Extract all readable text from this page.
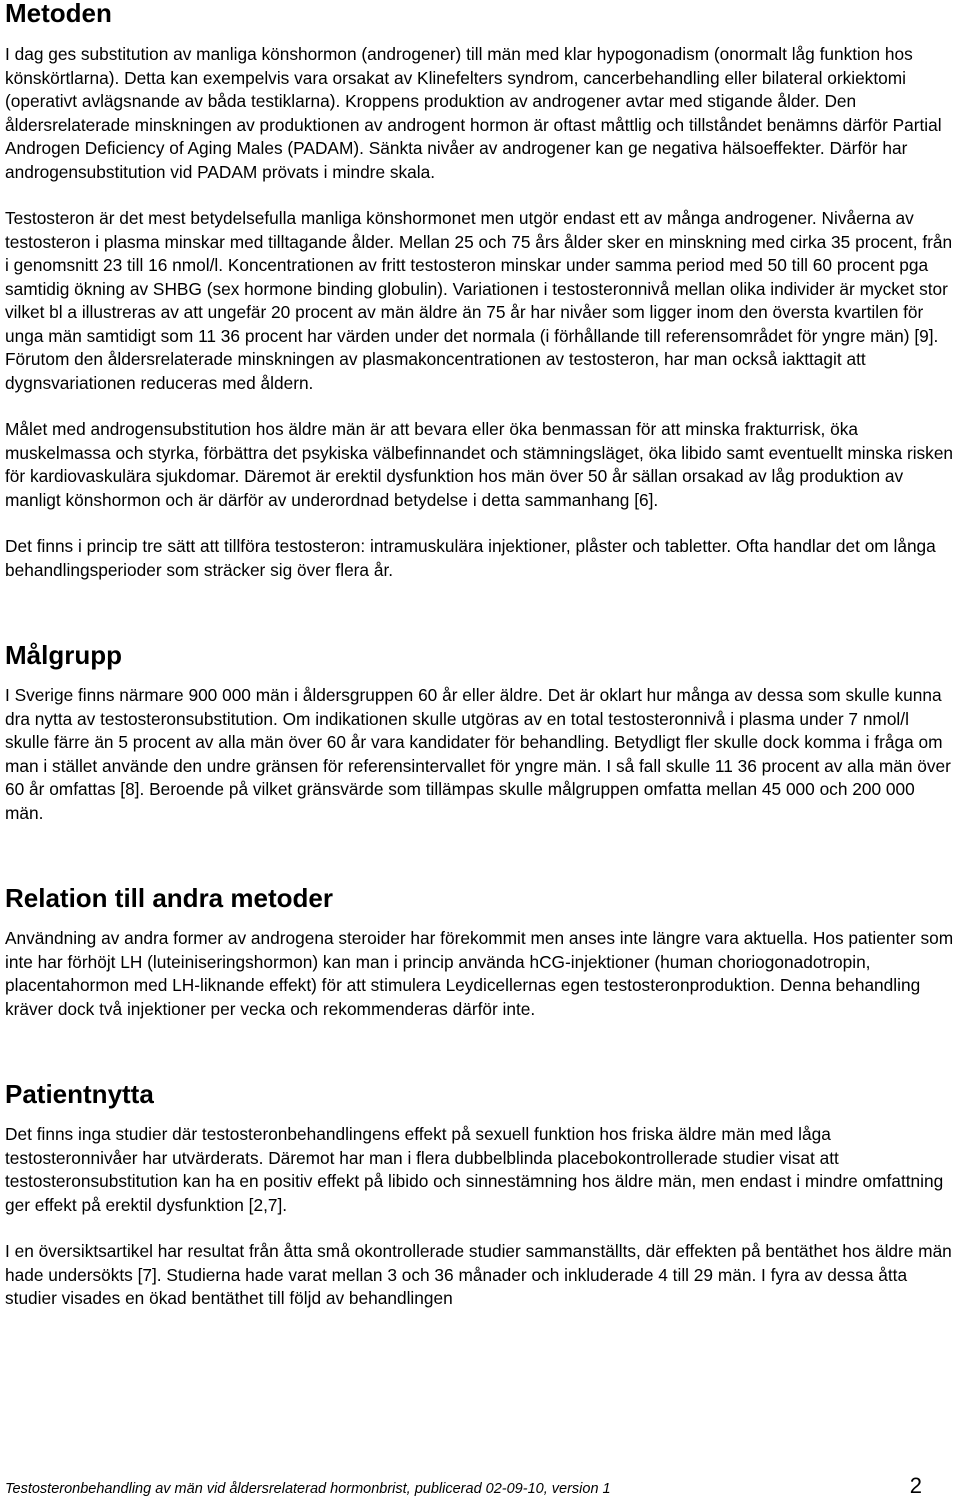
Metoden

I dag ges substitution av manliga könshormon (androgener) till män med klar hypogonadism (onormalt låg funktion hos könskörtlarna). Detta kan exempelvis vara orsakat av Klinefelters syndrom, cancerbehandling eller bilateral orkiektomi (operativt avlägsnande av båda testiklarna). Kroppens produktion av androgener avtar med stigande ålder. Den åldersrelaterade minskningen av produktionen av androgent hormon är oftast måttlig och tillståndet benämns därför Partial Androgen Deficiency of Aging Males (PADAM). Sänkta nivåer av androgener kan ge negativa hälsoeffekter. Därför har androgensubstitution vid PADAM prövats i mindre skala.

Testosteron är det mest betydelsefulla manliga könshormonet men utgör endast ett av många androgener. Nivåerna av testosteron i plasma minskar med tilltagande ålder. Mellan 25 och 75 års ålder sker en minskning med cirka 35 procent, från i genomsnitt 23 till 16 nmol/l. Koncentrationen av fritt testosteron minskar under samma period med 50 till 60 procent pga samtidig ökning av SHBG (sex hormone binding globulin). Variationen i testosteronnivå mellan olika individer är mycket stor vilket bl a illustreras av att ungefär 20 procent av män äldre än 75 år har nivåer som ligger inom den översta kvartilen för unga män samtidigt som 11 36 procent har värden under det normala (i förhållande till referensområdet för yngre män) [9]. Förutom den åldersrelaterade minskningen av plasmakoncentrationen av testosteron, har man också iakttagit att dygnsvariationen reduceras med åldern.

Målet med androgensubstitution hos äldre män är att bevara eller öka benmassan för att minska frakturrisk, öka muskelmassa och styrka, förbättra det psykiska välbefinnandet och stämningsläget, öka libido samt eventuellt minska risken för kardiovaskulära sjukdomar. Däremot är erektil dysfunktion hos män över 50 år sällan orsakad av låg produktion av manligt könshormon och är därför av underordnad betydelse i detta sammanhang [6].

Det finns i princip tre sätt att tillföra testosteron: intramuskulära injektioner, plåster och tabletter. Ofta handlar det om långa behandlingsperioder som sträcker sig över flera år.

Målgrupp

I Sverige finns närmare 900 000 män i åldersgruppen 60 år eller äldre. Det är oklart hur många av dessa som skulle kunna dra nytta av testosteronsubstitution. Om indikationen skulle utgöras av en total testosteronnivå i plasma under 7 nmol/l skulle färre än 5 procent av alla män över 60 år vara kandidater för behandling. Betydligt fler skulle dock komma i fråga om man i stället använde den undre gränsen för referensintervallet för yngre män. I så fall skulle 11 36 procent av alla män över 60 år omfattas [8]. Beroende på vilket gränsvärde som tillämpas skulle målgruppen omfatta mellan 45 000 och 200 000 män.

Relation till andra metoder

Användning av andra former av androgena steroider har förekommit men anses inte längre vara aktuella. Hos patienter som inte har förhöjt LH (luteiniseringshormon) kan man i princip använda hCG-injektioner (human choriogonadotropin, placentahormon med LH-liknande effekt) för att stimulera Leydicellernas egen testosteronproduktion. Denna behandling kräver dock två injektioner per vecka och rekommenderas därför inte.

Patientnytta

Det finns inga studier där testosteronbehandlingens effekt på sexuell funktion hos friska äldre män med låga testosteronnivåer har utvärderats. Däremot har man i flera dubbelblinda placebokontrollerade studier visat att testosteronsubstitution kan ha en positiv effekt på libido och sinnestämning hos äldre män, men endast i mindre omfattning ger effekt på erektil dysfunktion [2,7].

I en översiktsartikel har resultat från åtta små okontrollerade studier sammanställts, där effekten på bentäthet hos äldre män hade undersökts [7]. Studierna hade varat mellan 3 och 36 månader och inkluderade 4 till 29 män. I fyra av dessa åtta studier visades en ökad bentäthet till följd av behandlingen

Testosteronbehandling av män vid åldersrelaterad hormonbrist, publicerad 02-09-10, version 1	2
